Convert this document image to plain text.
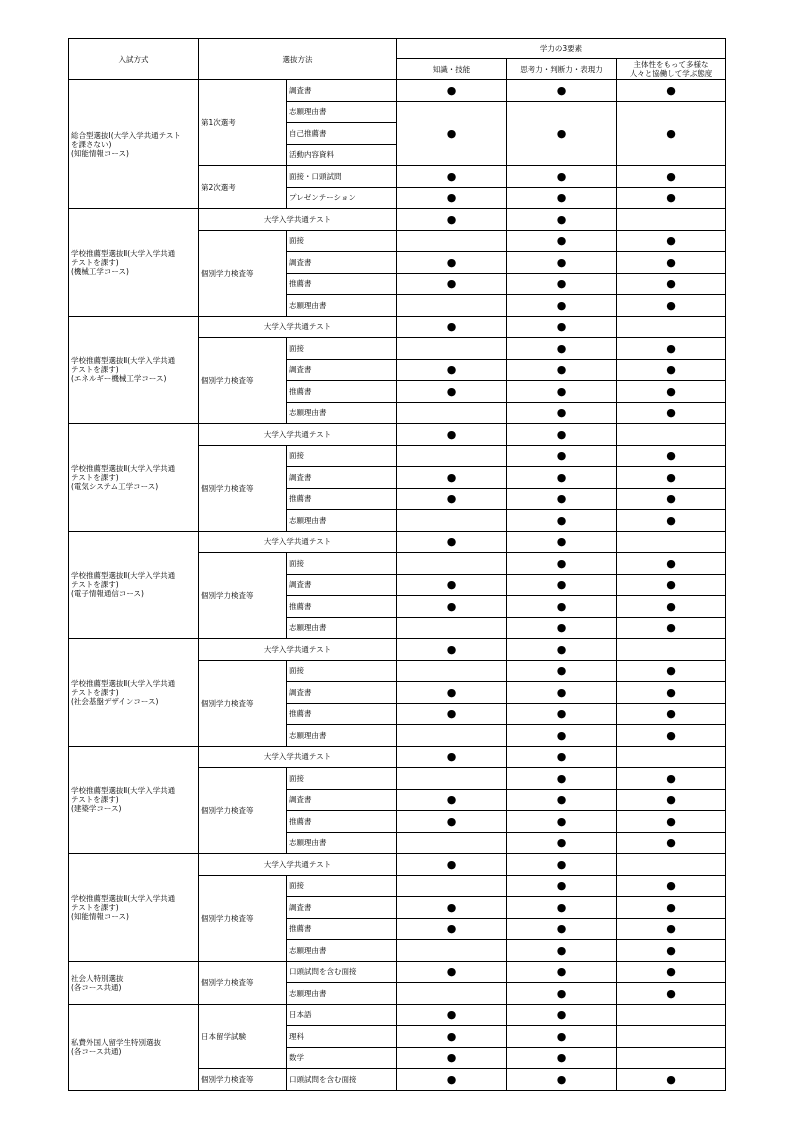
入試方式	選抜方法		学力の3要素		
			知識・技能	思考力・判断力・表現力	主体性をもって多様な
人々と協働して学ぶ態度
総合型選抜Ⅰ(大学入学共通テスト
を課さない)
(知能情報コース)	第1次選考	調査書	●	●	●
		志願理由書	●	●	●
		自己推薦書			
		活動内容資料			
	第2次選考	面接・口頭試問	●	●	●
		プレゼンテーション	●	●	●
学校推薦型選抜Ⅱ(大学入学共通
テストを課す)
(機械工学コース)	大学入学共通テスト		●	●	
	個別学力検査等	面接		●	●
		調査書	●	●	●
		推薦書	●	●	●
		志願理由書		●	●
学校推薦型選抜Ⅱ(大学入学共通
テストを課す)
(エネルギー機械工学コース)	大学入学共通テスト		●	●	
	個別学力検査等	面接		●	●
		調査書	●	●	●
		推薦書	●	●	●
		志願理由書		●	●
学校推薦型選抜Ⅱ(大学入学共通
テストを課す)
(電気システム工学コース)	大学入学共通テスト		●	●	
	個別学力検査等	面接		●	●
		調査書	●	●	●
		推薦書	●	●	●
		志願理由書		●	●
学校推薦型選抜Ⅱ(大学入学共通
テストを課す)
(電子情報通信コース)	大学入学共通テスト		●	●	
	個別学力検査等	面接		●	●
		調査書	●	●	●
		推薦書	●	●	●
		志願理由書		●	●
学校推薦型選抜Ⅱ(大学入学共通
テストを課す)
(社会基盤デザインコース)	大学入学共通テスト		●	●	
	個別学力検査等	面接		●	●
		調査書	●	●	●
		推薦書	●	●	●
		志願理由書		●	●
学校推薦型選抜Ⅱ(大学入学共通
テストを課す)
(建築学コース)	大学入学共通テスト		●	●	
	個別学力検査等	面接		●	●
		調査書	●	●	●
		推薦書	●	●	●
		志願理由書		●	●
学校推薦型選抜Ⅱ(大学入学共通
テストを課す)
(知能情報コース)	大学入学共通テスト		●	●	
	個別学力検査等	面接		●	●
		調査書	●	●	●
		推薦書	●	●	●
		志願理由書		●	●
社会人特別選抜
(各コース共通)	個別学力検査等	口頭試問を含む面接	●	●	●
		志願理由書		●	●
私費外国人留学生特別選抜
(各コース共通)	日本留学試験	日本語	●	●	
		理科	●	●	
		数学	●	●	
	個別学力検査等	口頭試問を含む面接	●	●	●
